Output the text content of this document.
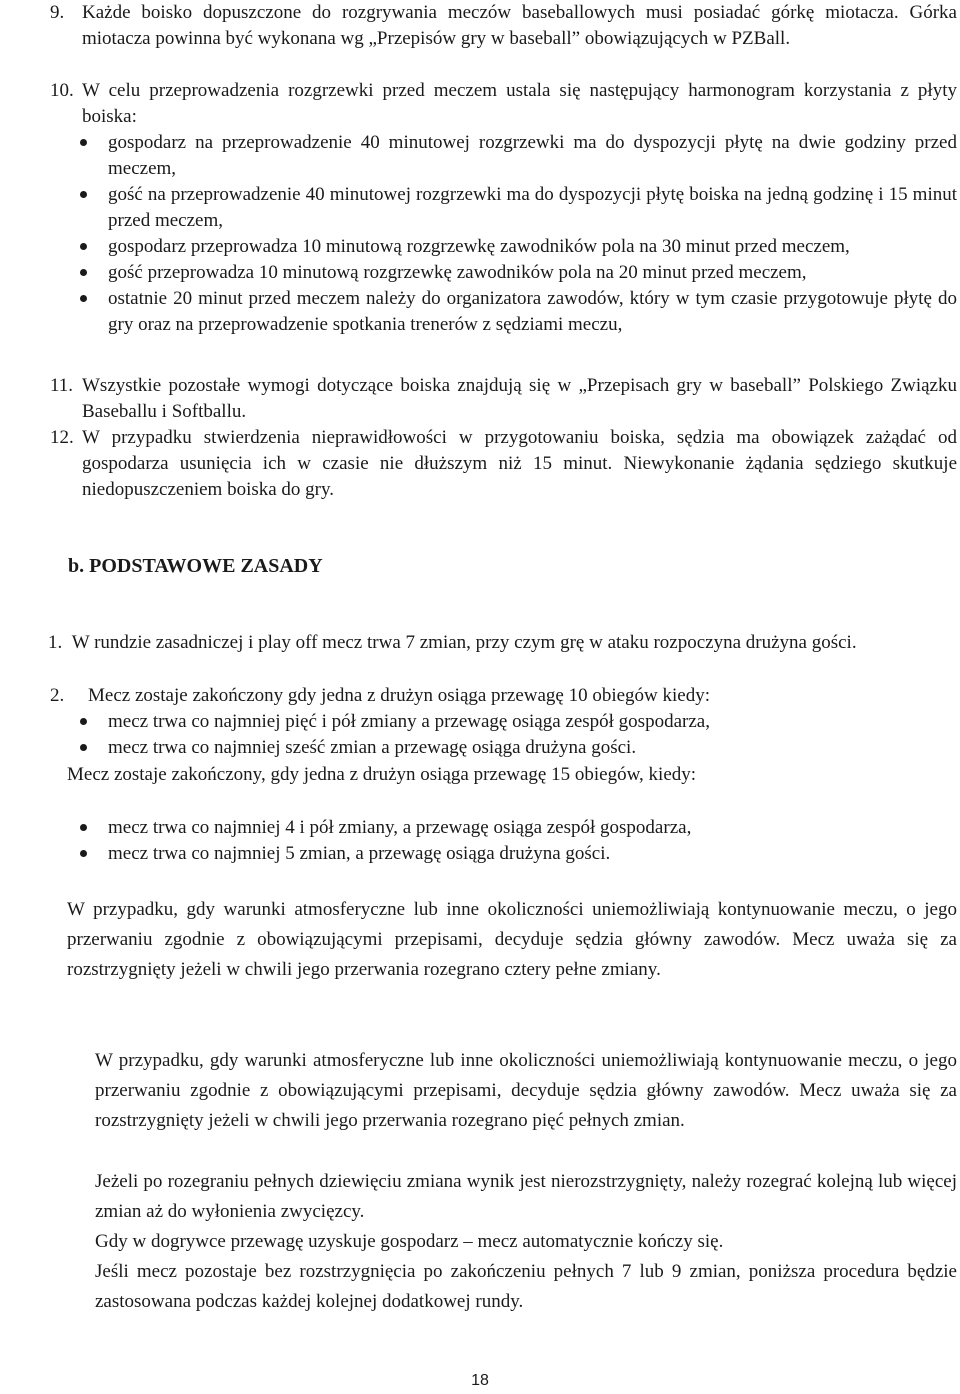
9. Każde boisko dopuszczone do rozgrywania meczów baseballowych musi posiadać górkę miotacza. Górka miotacza powinna być wykonana wg „Przepisów gry w baseball” obowiązujących w PZBall.
10. W celu przeprowadzenia rozgrzewki przed meczem ustala się następujący harmonogram korzystania z płyty boiska:
gospodarz na przeprowadzenie 40 minutowej rozgrzewki ma do dyspozycji płytę na dwie godziny przed meczem,
gość na przeprowadzenie 40 minutowej rozgrzewki ma do dyspozycji płytę boiska na jedną godzinę i 15 minut przed meczem,
gospodarz przeprowadza 10 minutową rozgrzewkę zawodników pola na 30 minut przed meczem,
gość przeprowadza 10 minutową rozgrzewkę zawodników pola na 20 minut przed meczem,
ostatnie 20 minut przed meczem należy do organizatora zawodów, który w tym czasie przygotowuje płytę do gry oraz na przeprowadzenie spotkania trenerów z sędziami meczu,
11. Wszystkie pozostałe wymogi dotyczące boiska znajdują się w „Przepisach gry w baseball” Polskiego Związku Baseballu i Softballu.
12. W przypadku stwierdzenia nieprawidłowości w przygotowaniu boiska, sędzia ma obowiązek zażądać od gospodarza usunięcia ich w czasie nie dłuższym niż 15 minut. Niewykonanie żądania sędziego skutkuje niedopuszczeniem boiska do gry.
b. PODSTAWOWE ZASADY
1. W rundzie zasadniczej i play off mecz trwa 7 zmian, przy czym grę w ataku rozpoczyna drużyna gości.
2. Mecz zostaje zakończony gdy jedna z drużyn osiąga przewagę 10 obiegów kiedy:
mecz trwa co najmniej pięć i pół zmiany a przewagę osiąga zespół gospodarza,
mecz trwa co najmniej sześć zmian a przewagę osiąga drużyna gości.
Mecz zostaje zakończony, gdy jedna z drużyn osiąga przewagę 15 obiegów, kiedy:
mecz trwa co najmniej 4 i pół zmiany, a przewagę osiąga zespół gospodarza,
mecz trwa co najmniej 5 zmian, a przewagę osiąga drużyna gości.
W przypadku, gdy warunki atmosferyczne lub inne okoliczności uniemożliwiają kontynuowanie meczu, o jego przerwaniu zgodnie z obowiązującymi przepisami, decyduje sędzia główny zawodów. Mecz uważa się za rozstrzygnięty jeżeli w chwili jego przerwania rozegrano cztery pełne zmiany.
W przypadku, gdy warunki atmosferyczne lub inne okoliczności uniemożliwiają kontynuowanie meczu, o jego przerwaniu zgodnie z obowiązującymi przepisami, decyduje sędzia główny zawodów. Mecz uważa się za rozstrzygnięty jeżeli w chwili jego przerwania rozegrano pięć pełnych zmian.
Jeżeli po rozegraniu pełnych dziewięciu zmiana wynik jest nierozstrzygnięty, należy rozegrać kolejną lub więcej zmian aż do wyłonienia zwycięzcy.
Gdy w dogrywce przewagę uzyskuje gospodarz – mecz automatycznie kończy się.
Jeśli mecz pozostaje bez rozstrzygnięcia po zakończeniu pełnych 7 lub 9 zmian, poniższa procedura będzie zastosowana podczas każdej kolejnej dodatkowej rundy.
18
